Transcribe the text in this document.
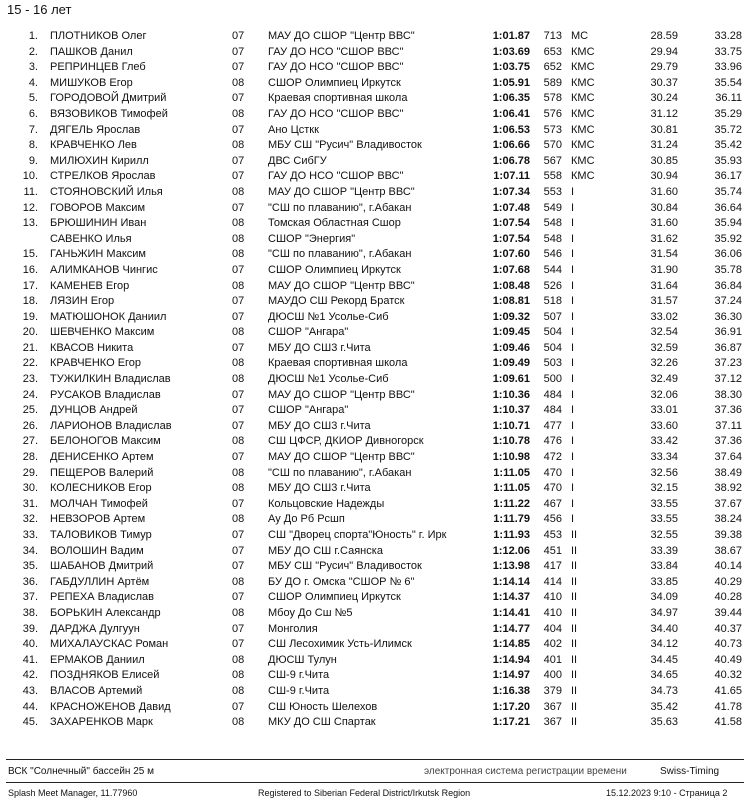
15 - 16 лет
1. ПЛОТНИКОВ Олег	07	МАУ ДО СШОР "Центр ВВС"	1:01.87	713 МС	28.59	33.28
2. ПАШКОВ Данил	07	ГАУ ДО НСО "СШОР ВВС"	1:03.69	653 КМС	29.94	33.75
3. РЕПРИНЦЕВ Глеб	07	ГАУ ДО НСО "СШОР ВВС"	1:03.75	652 КМС	29.79	33.96
4. МИШУКОВ Егор	08	СШОР Олимпиец Иркутск	1:05.91	589 КМС	30.37	35.54
5. ГОРОДОВОЙ Дмитрий	07	Краевая спортивная школа	1:06.35	578 КМС	30.24	36.11
6. ВЯЗОВИКОВ Тимофей	08	ГАУ ДО НСО "СШОР ВВС"	1:06.41	576 КМС	31.12	35.29
7. ДЯГЕЛЬ Ярослав	07	Ано Цсткк	1:06.53	573 КМС	30.81	35.72
8. КРАВЧЕНКО Лев	08	МБУ СШ "Русич" Владивосток	1:06.66	570 КМС	31.24	35.42
9. МИЛЮХИН Кирилл	07	ДВС СибГУ	1:06.78	567 КМС	30.85	35.93
10. СТРЕЛКОВ Ярослав	07	ГАУ ДО НСО "СШОР ВВС"	1:07.11	558 КМС	30.94	36.17
11. СТОЯНОВСКИЙ Илья	08	МАУ ДО СШОР "Центр ВВС"	1:07.34	553 I	31.60	35.74
12. ГОВОРОВ Максим	07	"СШ по плаванию", г.Абакан	1:07.48	549 I	30.84	36.64
13. БРЮШИНИН Иван	08	Томская Областная Сшор	1:07.54	548 I	31.60	35.94
САВЕНКО Илья	08	СШОР "Энергия"	1:07.54	548 I	31.62	35.92
15. ГАНЬЖИН Максим	08	"СШ по плаванию", г.Абакан	1:07.60	546 I	31.54	36.06
16. АЛИМКАНОВ Чингис	07	СШОР Олимпиец Иркутск	1:07.68	544 I	31.90	35.78
17. КАМЕНЕВ Егор	08	МАУ ДО СШОР "Центр ВВС"	1:08.48	526 I	31.64	36.84
18. ЛЯЗИН Егор	07	МАУДО СШ Рекорд Братск	1:08.81	518 I	31.57	37.24
19. МАТЮШОНОК Даниил	07	ДЮСШ №1 Усолье-Сиб	1:09.32	507 I	33.02	36.30
20. ШЕВЧЕНКО Максим	08	СШОР "Ангара"	1:09.45	504 I	32.54	36.91
21. КВАСОВ Никита	07	МБУ ДО СШ3 г.Чита	1:09.46	504 I	32.59	36.87
22. КРАВЧЕНКО Егор	08	Краевая спортивная школа	1:09.49	503 I	32.26	37.23
23. ТУЖИЛКИН Владислав	08	ДЮСШ №1 Усолье-Сиб	1:09.61	500 I	32.49	37.12
24. РУСАКОВ Владислав	07	МАУ ДО СШОР "Центр ВВС"	1:10.36	484 I	32.06	38.30
25. ДУНЦОВ Андрей	07	СШОР "Ангара"	1:10.37	484 I	33.01	37.36
26. ЛАРИОНОВ Владислав	07	МБУ ДО СШ3 г.Чита	1:10.71	477 I	33.60	37.11
27. БЕЛОНОГОВ Максим	08	СШ ЦФСР, ДКИОР Дивногорск	1:10.78	476 I	33.42	37.36
28. ДЕНИСЕНКО Артем	07	МАУ ДО СШОР "Центр ВВС"	1:10.98	472 I	33.34	37.64
29. ПЕЩЕРОВ Валерий	08	"СШ по плаванию", г.Абакан	1:11.05	470 I	32.56	38.49
30. КОЛЕСНИКОВ Егор	08	МБУ ДО СШ3 г.Чита	1:11.05	470 I	32.15	38.92
31. МОЛЧАН Тимофей	07	Кольцовские Надежды	1:11.22	467 I	33.55	37.67
32. НЕВЗОРОВ Артем	08	Ау До Рб Рсшп	1:11.79	456 I	33.55	38.24
33. ТАЛОВИКОВ Тимур	07	СШ "Дворец спорта"Юность" г. Ирк	1:11.93	453 II	32.55	39.38
34. ВОЛОШИН Вадим	07	МБУ ДО СШ г.Саянска	1:12.06	451 II	33.39	38.67
35. ШАБАНОВ Дмитрий	07	МБУ СШ "Русич" Владивосток	1:13.98	417 II	33.84	40.14
36. ГАБДУЛЛИН Артём	08	БУ ДО г. Омска "СШОР № 6"	1:14.14	414 II	33.85	40.29
37. РЕПЕХА Владислав	07	СШОР Олимпиец Иркутск	1:14.37	410 II	34.09	40.28
38. БОРЬКИН Александр	08	Мбоу До Сш №5	1:14.41	410 II	34.97	39.44
39. ДАРДЖА Дулгуун	07	Монголия	1:14.77	404 II	34.40	40.37
40. МИХАЛАУСКАС Роман	07	СШ Лесохимик Усть-Илимск	1:14.85	402 II	34.12	40.73
41. ЕРМАКОВ Даниил	08	ДЮСШ Тулун	1:14.94	401 II	34.45	40.49
42. ПОЗДНЯКОВ Елисей	08	СШ-9 г.Чита	1:14.97	400 II	34.65	40.32
43. ВЛАСОВ Артемий	08	СШ-9 г.Чита	1:16.38	379 II	34.73	41.65
44. КРАСНОЖЕНОВ Давид	07	СШ Юность Шелехов	1:17.20	367 II	35.42	41.78
45. ЗАХАРЕНКОВ Марк	08	МКУ ДО СШ Спартак	1:17.21	367 II	35.63	41.58
ВСК "Солнечный" бассейн 25 м	электронная система регистрации времени	Swiss-Timing
Splash Meet Manager, 11.77960	Registered to Siberian Federal District/Irkutsk Region	15.12.2023 9:10 - Страница 2
